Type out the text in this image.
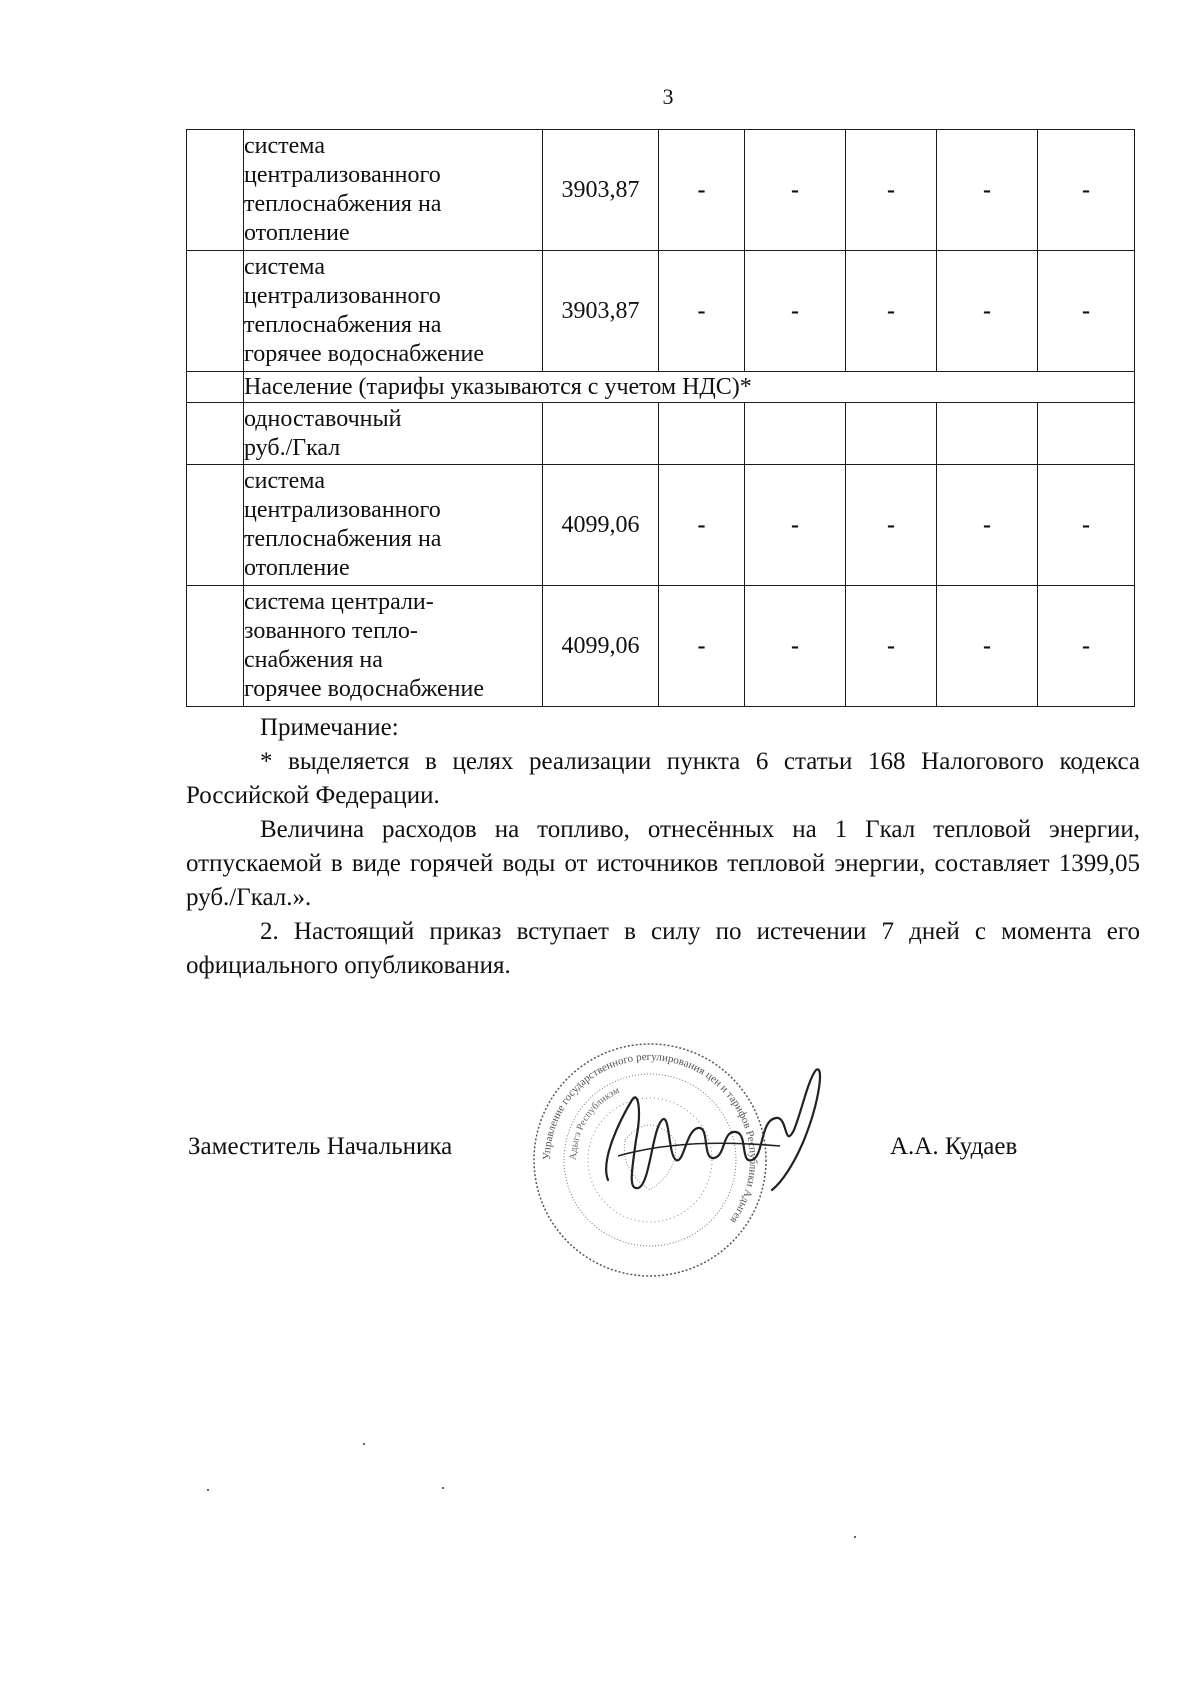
3

	система
централизованного
теплоснабжения на
отопление	3903,87	-	-	-	-	-

	система
централизованного
теплоснабжения на
горячее водоснабжение	3903,87	-	-	-	-	-
	Население (тарифы указываются с учетом НДС)*						

	одноставочный
руб./Гкал						

	система
централизованного
теплоснабжения на
отопление	4099,06	-	-	-	-	-

	система централи-
зованного тепло-
снабжения на
горячее водоснабжение	4099,06	-	-	-	-	-

Примечание:

* выделяется в целях реализации пункта 6 статьи 168 Налогового кодекса Российской Федерации.

Величина расходов на топливо, отнесённых на 1 Гкал тепловой энергии, отпускаемой в виде горячей воды от источников тепловой энергии, составляет 1399,05 руб./Гкал.».

2. Настоящий приказ вступает в силу по истечении 7 дней с момента его официального опубликования.

Заместитель Начальника	А.А. Кудаев
Управление государственного регулирования цен и тарифов Республики Адыгея
Адыгэ Республикэм
